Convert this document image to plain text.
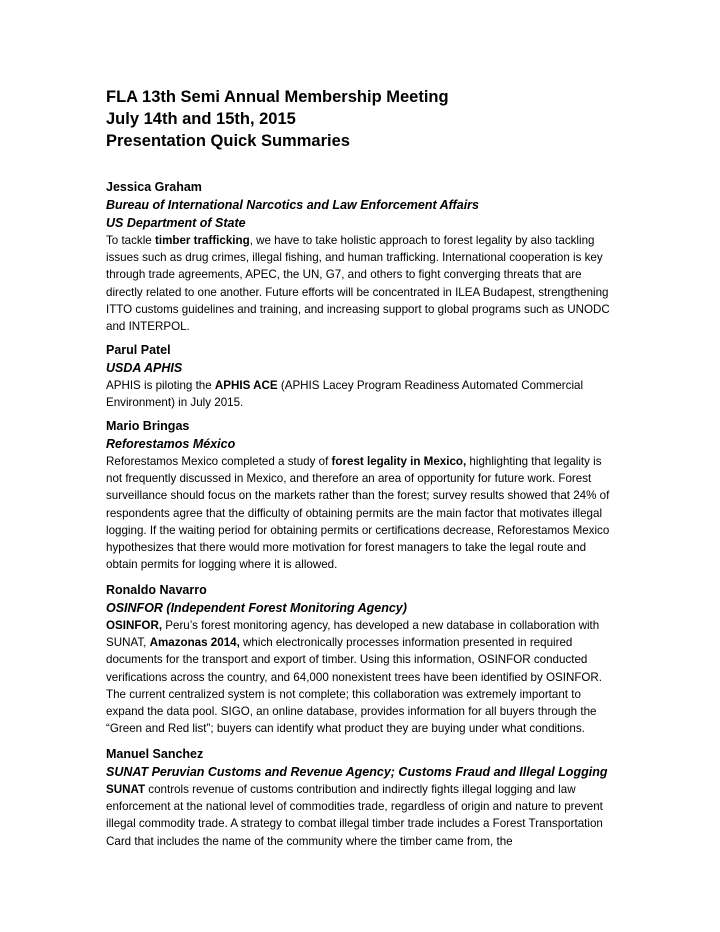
FLA 13th Semi Annual Membership Meeting

July 14th and 15th, 2015

Presentation Quick Summaries

Jessica Graham
Bureau of International Narcotics and Law Enforcement Affairs
US Department of State
To tackle timber trafficking, we have to take holistic approach to forest legality by also tackling issues such as drug crimes, illegal fishing, and human trafficking. International cooperation is key through trade agreements, APEC, the UN, G7, and others to fight converging threats that are directly related to one another. Future efforts will be concentrated in ILEA Budapest, strengthening ITTO customs guidelines and training, and increasing support to global programs such as UNODC and INTERPOL.
Parul Patel
USDA APHIS
APHIS is piloting the APHIS ACE (APHIS Lacey Program Readiness Automated Commercial Environment) in July 2015.
Mario Bringas
Reforestamos México
Reforestamos Mexico completed a study of forest legality in Mexico, highlighting that legality is not frequently discussed in Mexico, and therefore an area of opportunity for future work. Forest surveillance should focus on the markets rather than the forest; survey results showed that 24% of respondents agree that the difficulty of obtaining permits are the main factor that motivates illegal logging. If the waiting period for obtaining permits or certifications decrease, Reforestamos Mexico hypothesizes that there would more motivation for forest managers to take the legal route and obtain permits for logging where it is allowed.
Ronaldo Navarro
OSINFOR (Independent Forest Monitoring Agency)
OSINFOR, Peru’s forest monitoring agency, has developed a new database in collaboration with SUNAT, Amazonas 2014, which electronically processes information presented in required documents for the transport and export of timber. Using this information, OSINFOR conducted verifications across the country, and 64,000 nonexistent trees have been identified by OSINFOR. The current centralized system is not complete; this collaboration was extremely important to expand the data pool. SIGO, an online database, provides information for all buyers through the “Green and Red list”; buyers can identify what product they are buying under what conditions.
Manuel Sanchez
SUNAT Peruvian Customs and Revenue Agency; Customs Fraud and Illegal Logging
SUNAT controls revenue of customs contribution and indirectly fights illegal logging and law enforcement at the national level of commodities trade, regardless of origin and nature to prevent illegal commodity trade. A strategy to combat illegal timber trade includes a Forest Transportation Card that includes the name of the community where the timber came from, the
